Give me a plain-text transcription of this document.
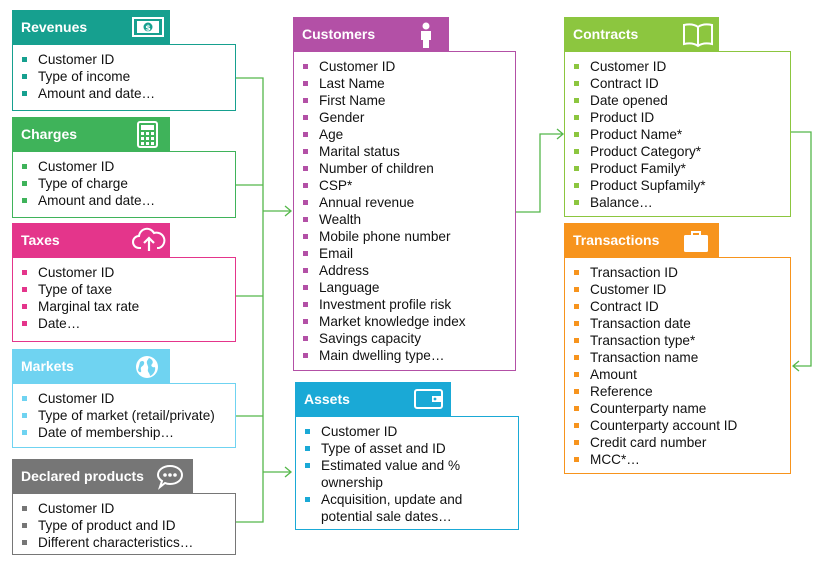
Revenues	$
Customer ID
Type of income
Amount and date…
Charges
Customer ID
Type of charge
Amount and date…
Taxes
Customer ID
Type of taxe
Marginal tax rate
Date…
Markets
Customer ID
Type of market (retail/private)
Date of membership…
Declared products
Customer ID
Type of product and ID
Different characteristics…
Customers
Customer ID
Last Name
First Name
Gender
Age
Marital status
Number of children
CSP*
Annual revenue
Wealth
Mobile phone number
Email
Address
Language
Investment profile risk
Market knowledge index
Savings capacity
Main dwelling type…
Assets
Customer ID
Type of asset and ID
Estimated value and % ownership
Acquisition, update and potential sale dates…
Contracts
Customer ID
Contract ID
Date opened
Product ID
Product Name*
Product Category*
Product Family*
Product Supfamily*
Balance…
Transactions
Transaction ID
Customer ID
Contract ID
Transaction date
Transaction type*
Transaction name
Amount
Reference
Counterparty name
Counterparty account ID
Credit card number
MCC*…
